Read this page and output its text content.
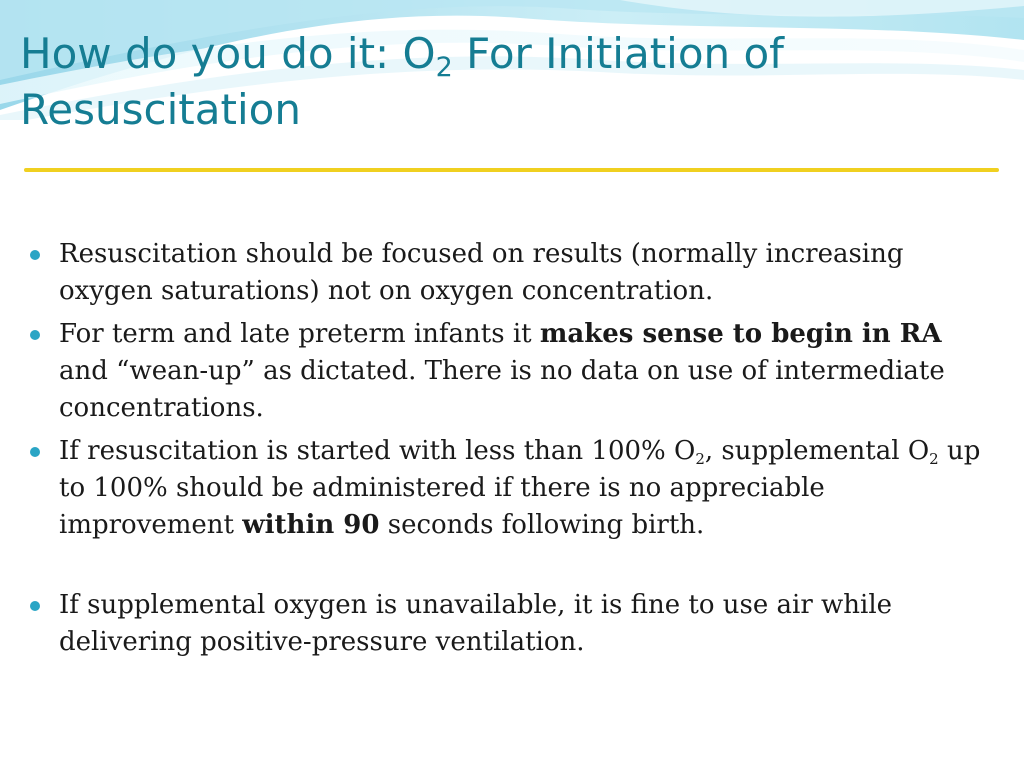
How do you do it: $O_2$ For Initiation of Resuscitation
Resuscitation should be focused on results (normally increasing oxygen saturations) not on oxygen concentration.
For term and late preterm infants it makes sense to begin in RA and “wean-up” as dictated. There is no data on use of intermediate concentrations.
If resuscitation is started with less than 100% $O_2$, supplemental $O_2$ up to 100% should be administered if there is no appreciable improvement within 90 seconds following birth.
If supplemental oxygen is unavailable, it is fine to use air while delivering positive-pressure ventilation.
